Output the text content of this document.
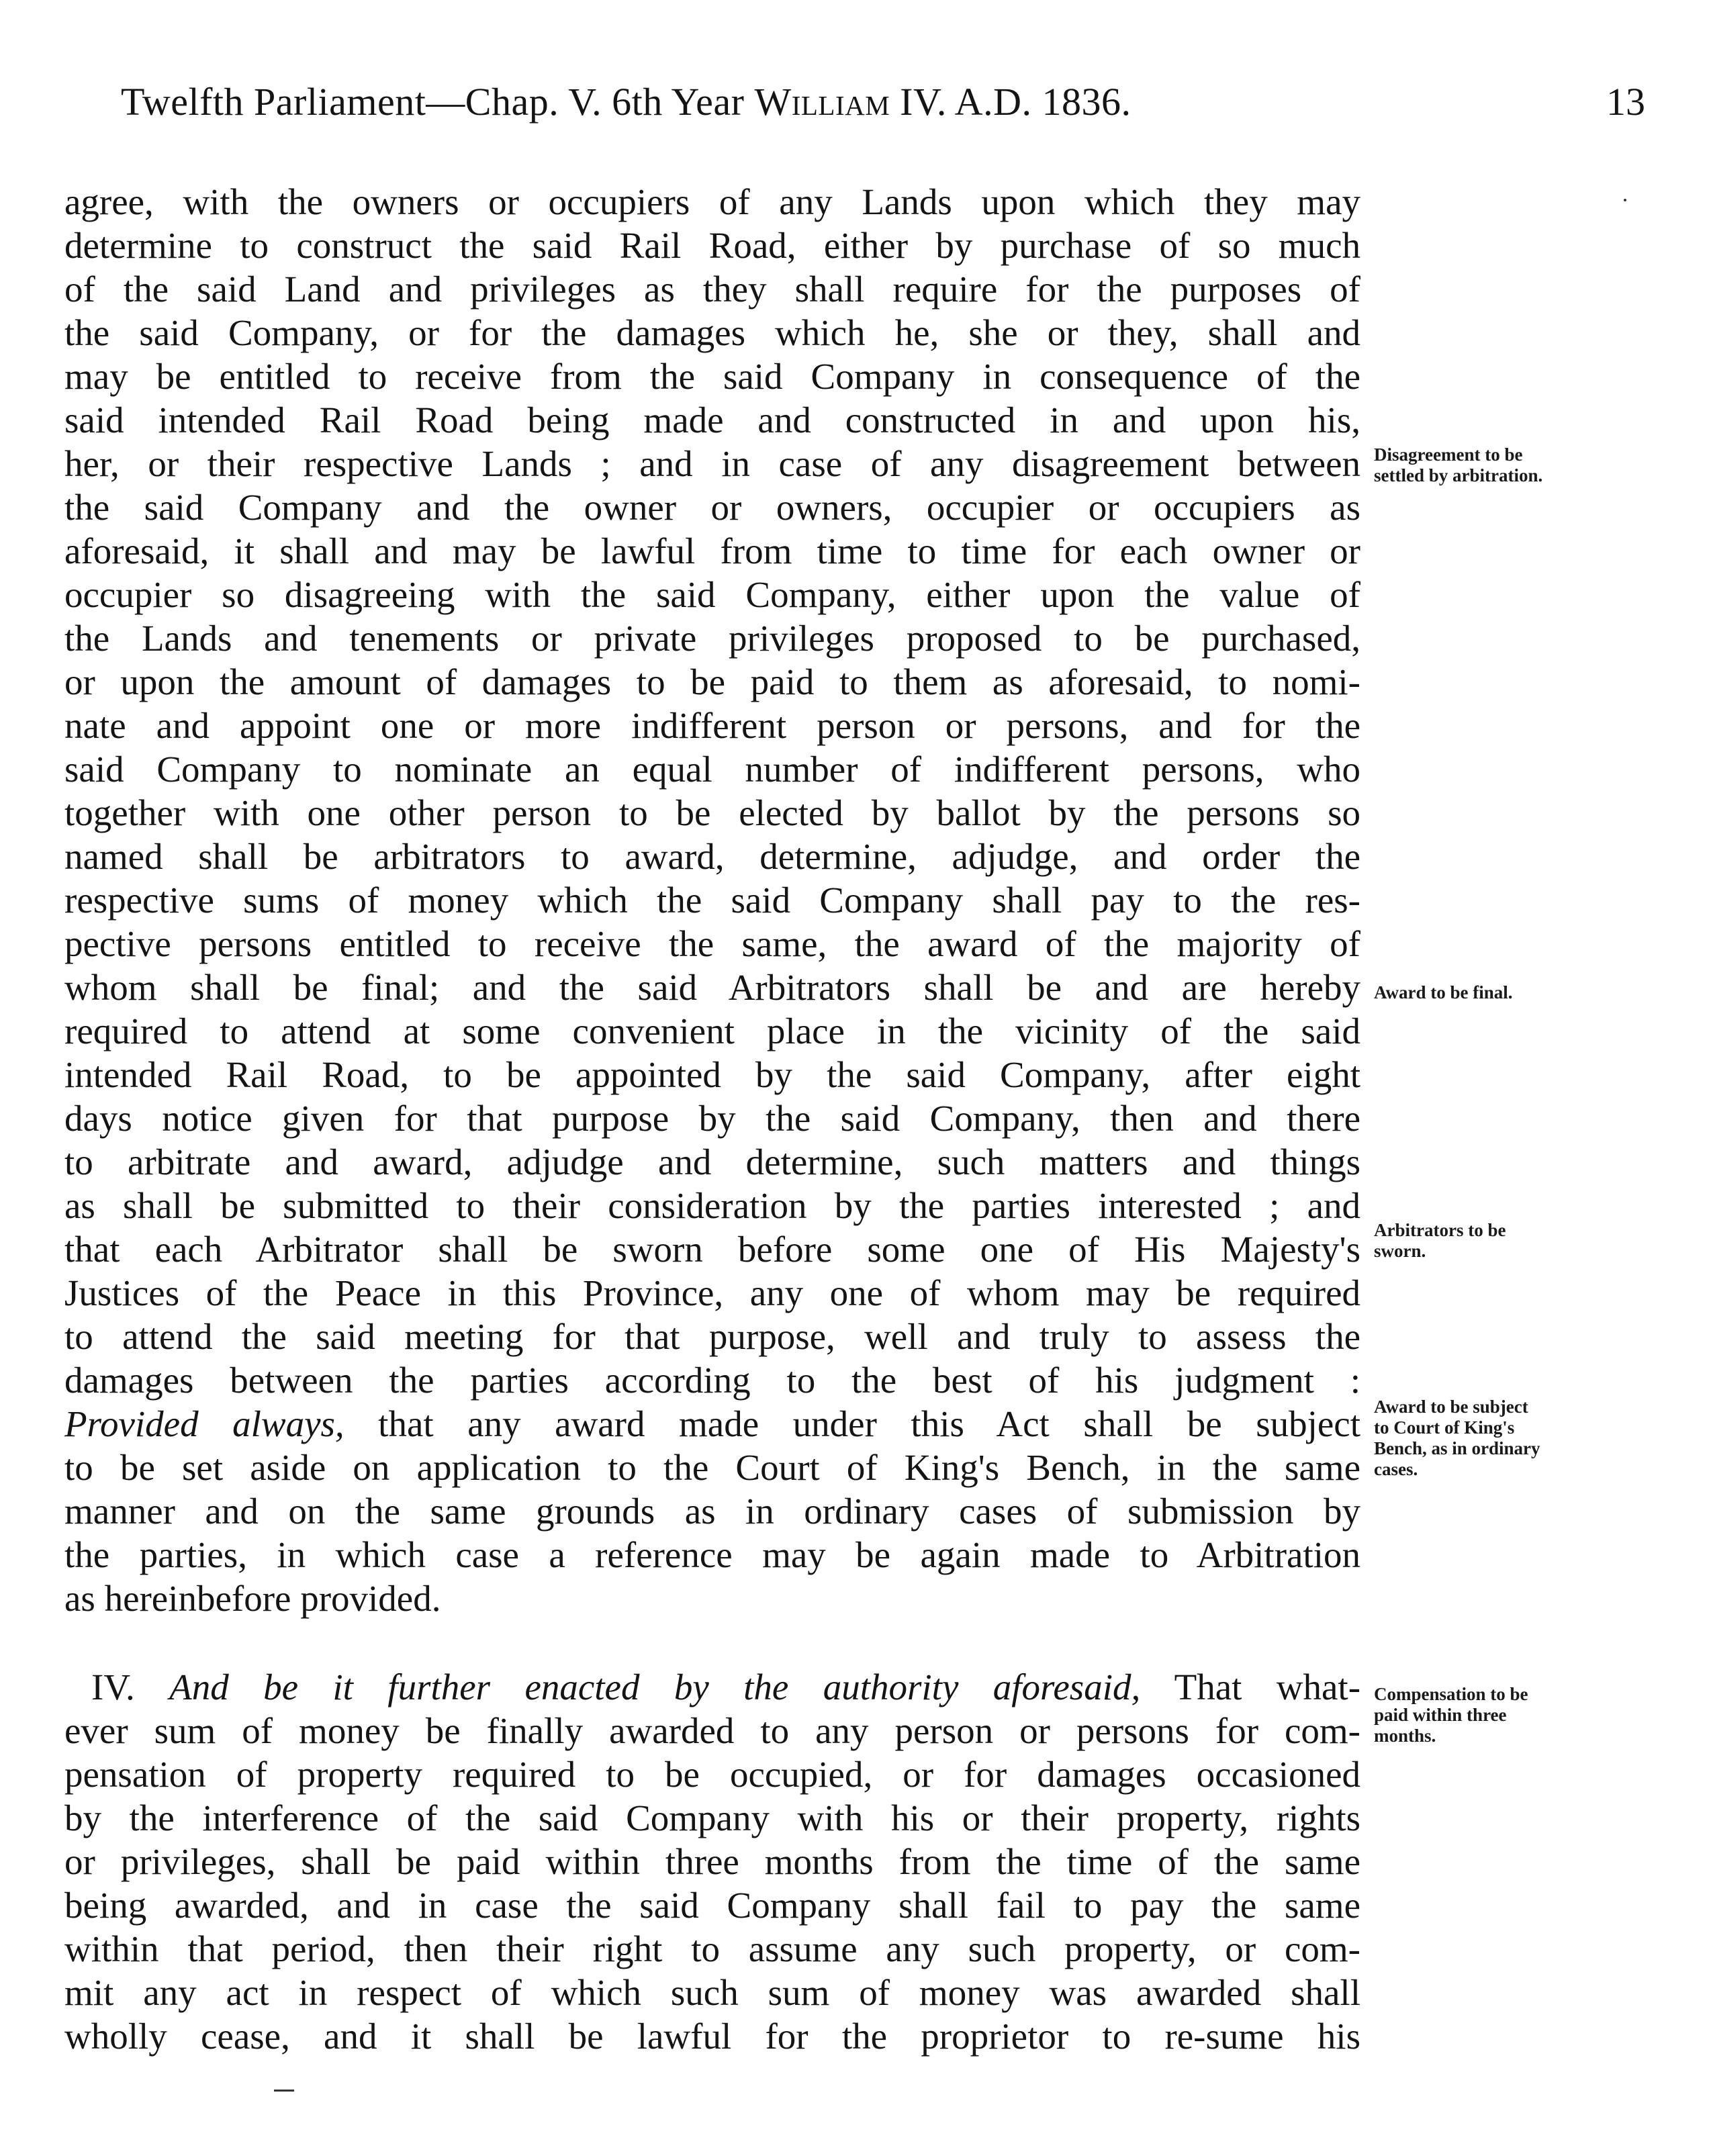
Twelfth Parliament—Chap. V. 6th Year William IV. A.D. 1836.	13
agree, with the owners or occupiers of any Lands upon which they may
determine to construct the said Rail Road, either by purchase of so much
of the said Land and privileges as they shall require for the purposes of
the said Company, or for the damages which he, she or they, shall and
may be entitled to receive from the said Company in consequence of the
said intended Rail Road being made and constructed in and upon his,
her, or their respective Lands ; and in case of any disagreement between
the said Company and the owner or owners, occupier or occupiers as
aforesaid, it shall and may be lawful from time to time for each owner or
occupier so disagreeing with the said Company, either upon the value of
the Lands and tenements or private privileges proposed to be purchased,
or upon the amount of damages to be paid to them as aforesaid, to nomi-
nate and appoint one or more indifferent person or persons, and for the
said Company to nominate an equal number of indifferent persons, who
together with one other person to be elected by ballot by the persons so
named shall be arbitrators to award, determine, adjudge, and order the
respective sums of money which the said Company shall pay to the res-
pective persons entitled to receive the same, the award of the majority of
whom shall be final; and the said Arbitrators shall be and are hereby
required to attend at some convenient place in the vicinity of the said
intended Rail Road, to be appointed by the said Company, after eight
days notice given for that purpose by the said Company, then and there
to arbitrate and award, adjudge and determine, such matters and things
as shall be submitted to their consideration by the parties interested ; and
that each Arbitrator shall be sworn before some one of His Majesty's
Justices of the Peace in this Province, any one of whom may be required
to attend the said meeting for that purpose, well and truly to assess the
damages between the parties according to the best of his judgment :
Provided always, that any award made under this Act shall be subject
to be set aside on application to the Court of King's Bench, in the same
manner and on the same grounds as in ordinary cases of submission by
the parties, in which case a reference may be again made to Arbitration
as hereinbefore provided.
IV. And be it further enacted by the authority aforesaid, That what-
ever sum of money be finally awarded to any person or persons for com-
pensation of property required to be occupied, or for damages occasioned
by the interference of the said Company with his or their property, rights
or privileges, shall be paid within three months from the time of the same
being awarded, and in case the said Company shall fail to pay the same
within that period, then their right to assume any such property, or com-
mit any act in respect of which such sum of money was awarded shall
wholly cease, and it shall be lawful for the proprietor to re-sume his
Disagreement to be
settled by arbitration.
Award to be final.
Arbitrators to be
sworn.
Award to be subject
to Court of King's
Bench, as in ordinary
cases.
Compensation to be
paid within three
months.
